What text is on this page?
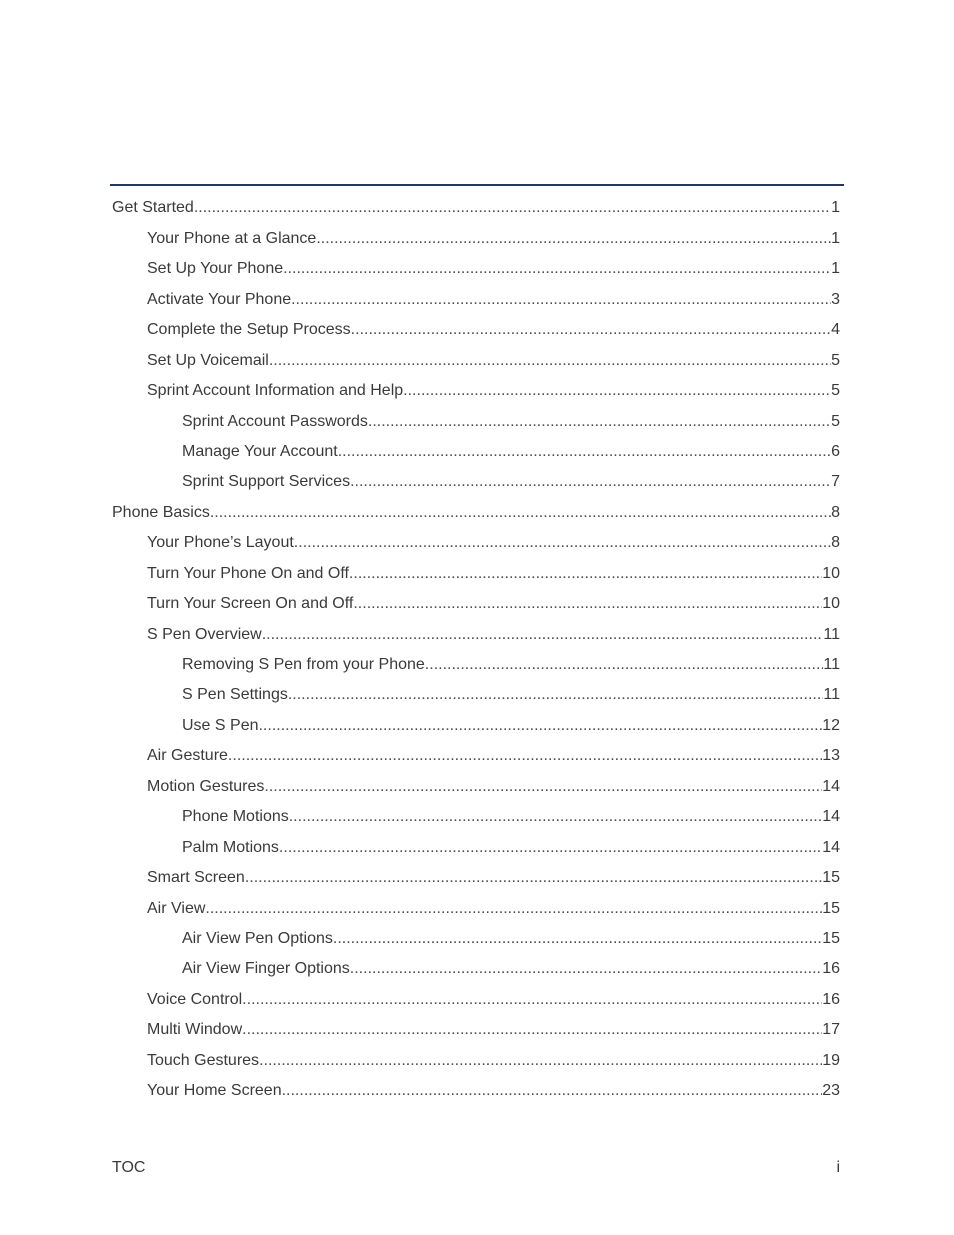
Get Started .....	1
Your Phone at a Glance .....	1
Set Up Your Phone .....	1
Activate Your Phone .....	3
Complete the Setup Process .....	4
Set Up Voicemail .....	5
Sprint Account Information and Help .....	5
Sprint Account Passwords .....	5
Manage Your Account .....	6
Sprint Support Services .....	7
Phone Basics .....	8
Your Phone’s Layout .....	8
Turn Your Phone On and Off .....	10
Turn Your Screen On and Off .....	10
S Pen Overview .....	11
Removing S Pen from your Phone .....	11
S Pen Settings .....	11
Use S Pen .....	12
Air Gesture .....	13
Motion Gestures .....	14
Phone Motions .....	14
Palm Motions .....	14
Smart Screen .....	15
Air View .....	15
Air View Pen Options .....	15
Air View Finger Options .....	16
Voice Control .....	16
Multi Window .....	17
Touch Gestures .....	19
Your Home Screen .....	23
TOC	i
